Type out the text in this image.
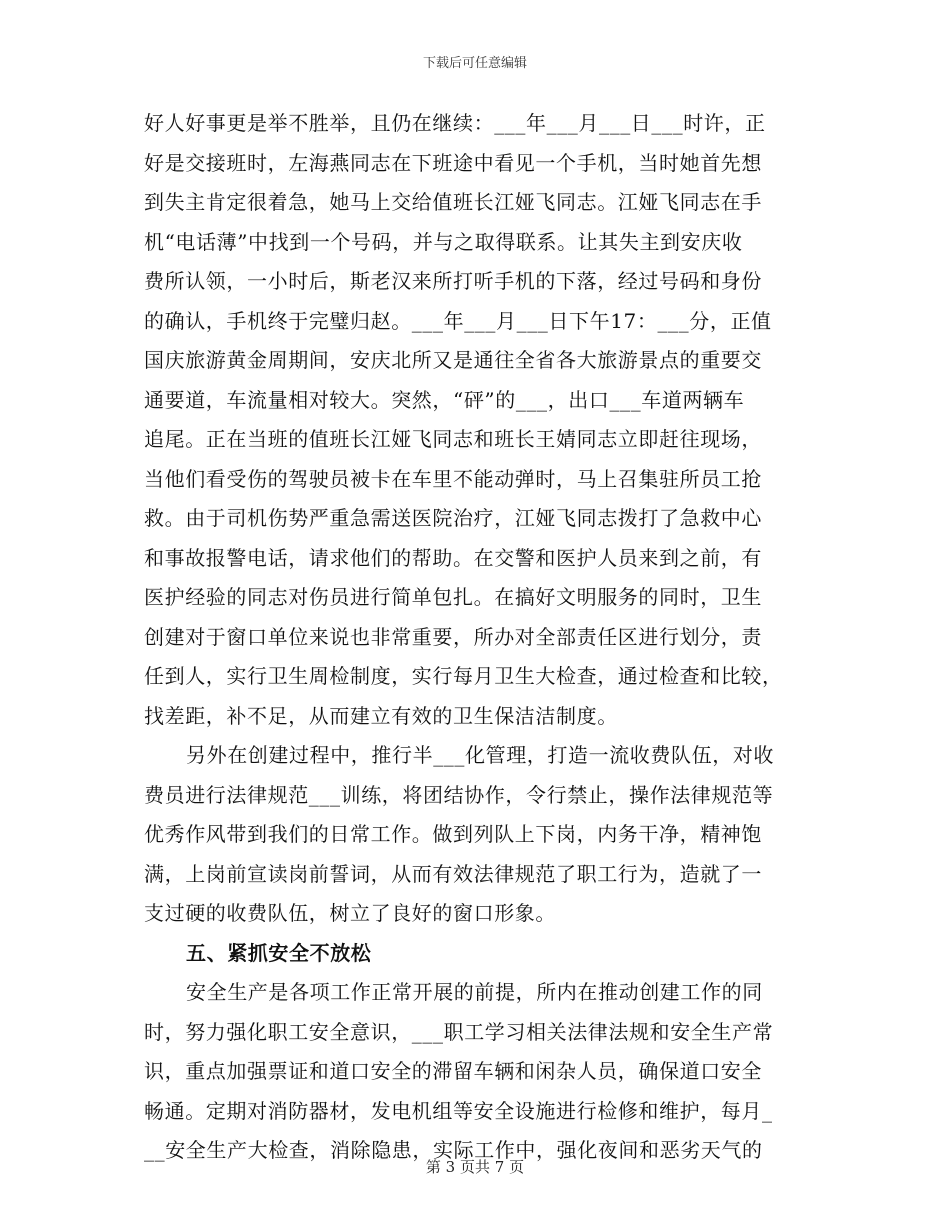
下载后可任意编辑
好人好事更是举不胜举，且仍在继续：___年___月___日___时许，正
好是交接班时，左海燕同志在下班途中看见一个手机，当时她首先想
到失主肯定很着急，她马上交给值班长江娅飞同志。江娅飞同志在手
机“电话薄”中找到一个号码，并与之取得联系。让其失主到安庆收
费所认领，一小时后，斯老汉来所打听手机的下落，经过号码和身份
的确认，手机终于完璧归赵。___年___月___日下午17：___分，正值
国庆旅游黄金周期间，安庆北所又是通往全省各大旅游景点的重要交
通要道，车流量相对较大。突然，“砰”的___，出口___车道两辆车
追尾。正在当班的值班长江娅飞同志和班长王婧同志立即赶往现场，
当他们看受伤的驾驶员被卡在车里不能动弹时，马上召集驻所员工抢
救。由于司机伤势严重急需送医院治疗，江娅飞同志拨打了急救中心
和事故报警电话，请求他们的帮助。在交警和医护人员来到之前，有
医护经验的同志对伤员进行简单包扎。在搞好文明服务的同时，卫生
创建对于窗口单位来说也非常重要，所办对全部责任区进行划分，责
任到人，实行卫生周检制度，实行每月卫生大检查，通过检查和比较，
找差距，补不足，从而建立有效的卫生保洁洁制度。
另外在创建过程中，推行半___化管理，打造一流收费队伍，对收
费员进行法律规范___训练，将团结协作，令行禁止，操作法律规范等
优秀作风带到我们的日常工作。做到列队上下岗，内务干净，精神饱
满，上岗前宣读岗前誓词，从而有效法律规范了职工行为，造就了一
支过硬的收费队伍，树立了良好的窗口形象。
五、紧抓安全不放松
安全生产是各项工作正常开展的前提，所内在推动创建工作的同
时，努力强化职工安全意识，___职工学习相关法律法规和安全生产常
识，重点加强票证和道口安全的滞留车辆和闲杂人员，确保道口安全
畅通。定期对消防器材，发电机组等安全设施进行检修和维护，每月_
__安全生产大检查，消除隐患，实际工作中，强化夜间和恶劣天气的
第 3 页共 7 页
